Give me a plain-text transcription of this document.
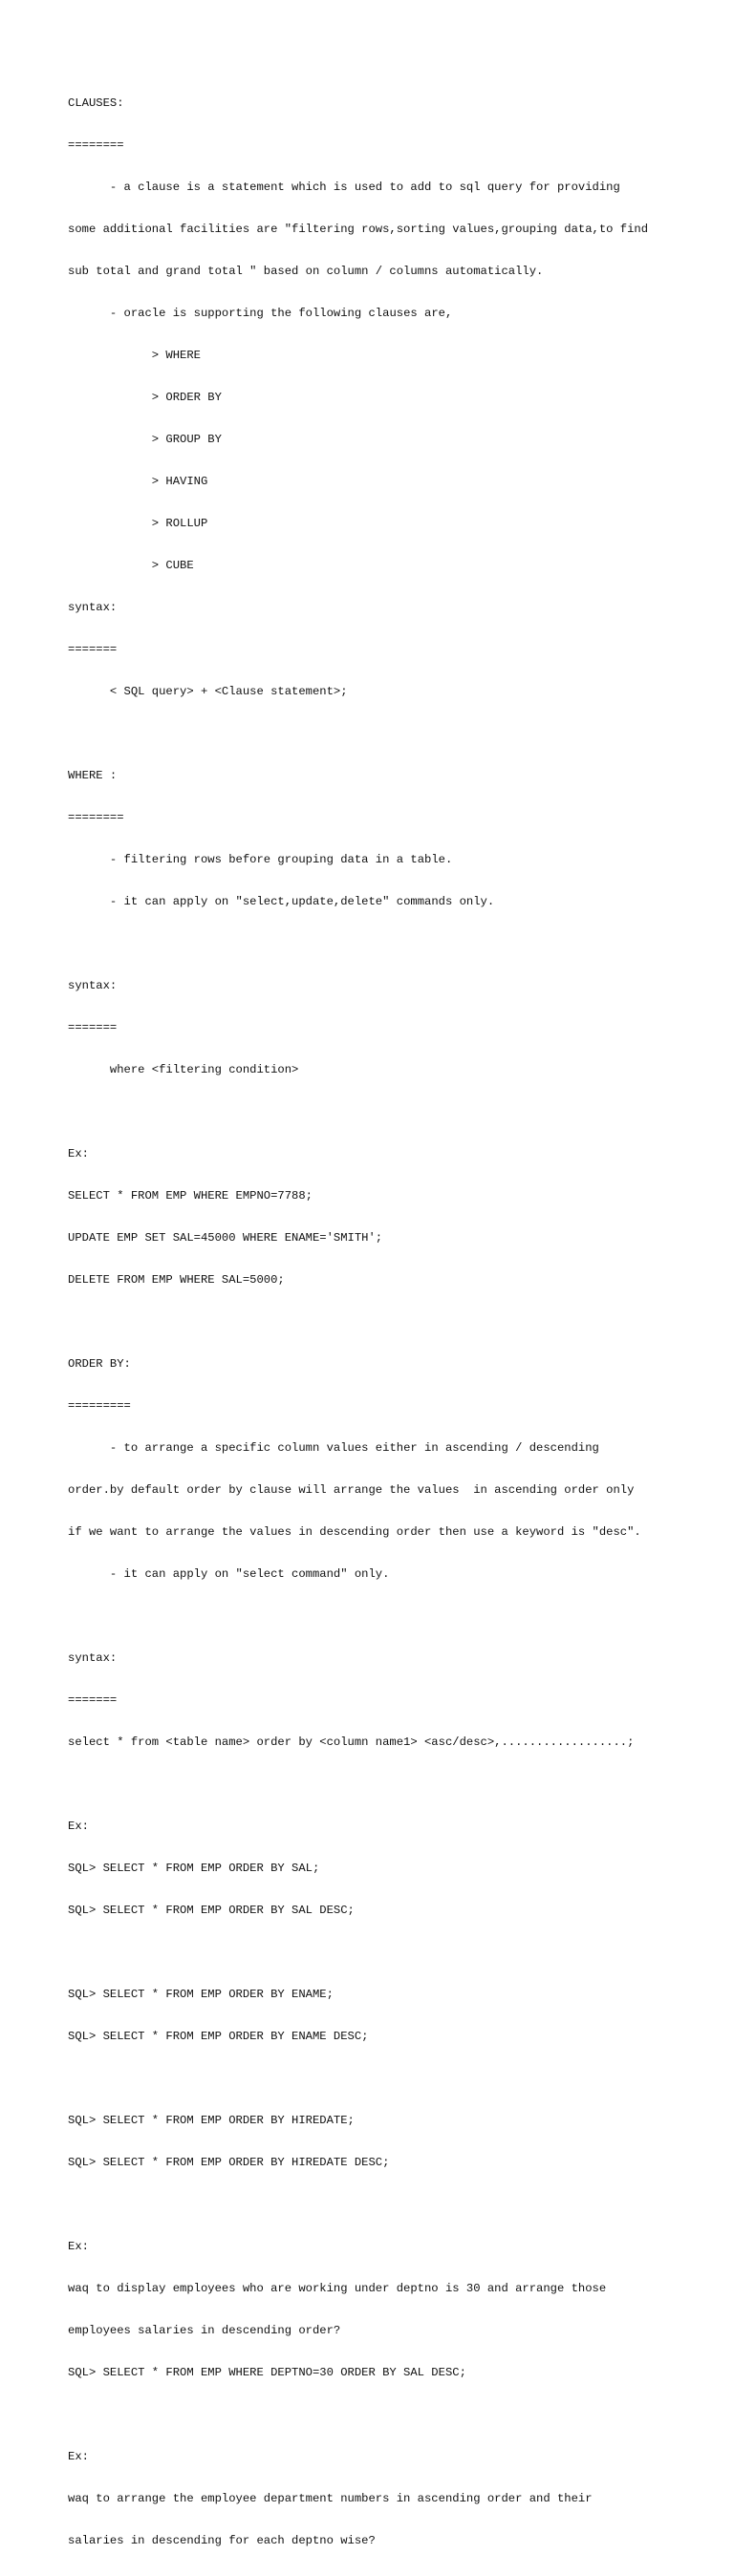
CLAUSES:

========

	- a clause is a statement which is used to add to sql query for providing

some additional facilities are "filtering rows,sorting values,grouping data,to find

sub total and grand total " based on column / columns automatically.

	- oracle is supporting the following clauses are,

		> WHERE

		> ORDER BY

		> GROUP BY

		> HAVING

		> ROLLUP

		> CUBE

syntax:

=======

	< SQL query> + <Clause statement>;

WHERE :

========

	- filtering rows before grouping data in a table.

	- it can apply on "select,update,delete" commands only.

syntax:

=======

	where <filtering condition>

Ex:

SELECT * FROM EMP WHERE EMPNO=7788;

UPDATE EMP SET SAL=45000 WHERE ENAME='SMITH';

DELETE FROM EMP WHERE SAL=5000;

ORDER BY:

=========

	- to arrange a specific column values either in ascending / descending

order.by default order by clause will arrange the values  in ascending order only

if we want to arrange the values in descending order then use a keyword is "desc".

	- it can apply on "select command" only.

syntax:

=======

select * from <table name> order by <column name1> <asc/desc>,..................;

Ex:

SQL> SELECT * FROM EMP ORDER BY SAL;

SQL> SELECT * FROM EMP ORDER BY SAL DESC;

SQL> SELECT * FROM EMP ORDER BY ENAME;

SQL> SELECT * FROM EMP ORDER BY ENAME DESC;

SQL> SELECT * FROM EMP ORDER BY HIREDATE;

SQL> SELECT * FROM EMP ORDER BY HIREDATE DESC;

Ex:

waq to display employees who are working under deptno is 30 and arrange those

employees salaries in descending order?

SQL> SELECT * FROM EMP WHERE DEPTNO=30 ORDER BY SAL DESC;

Ex:

waq to arrange the employee department numbers in ascending order and their

salaries in descending for each deptno wise?
